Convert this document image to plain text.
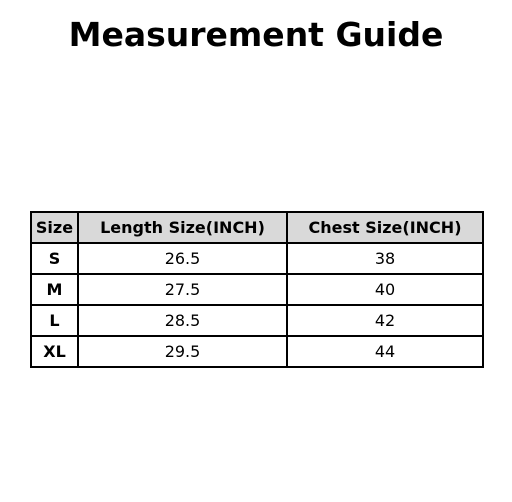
Measurement Guide
Size	Length Size(INCH)	Chest Size(INCH)
S	26.5	38
M	27.5	40
L	28.5	42
XL	29.5	44
